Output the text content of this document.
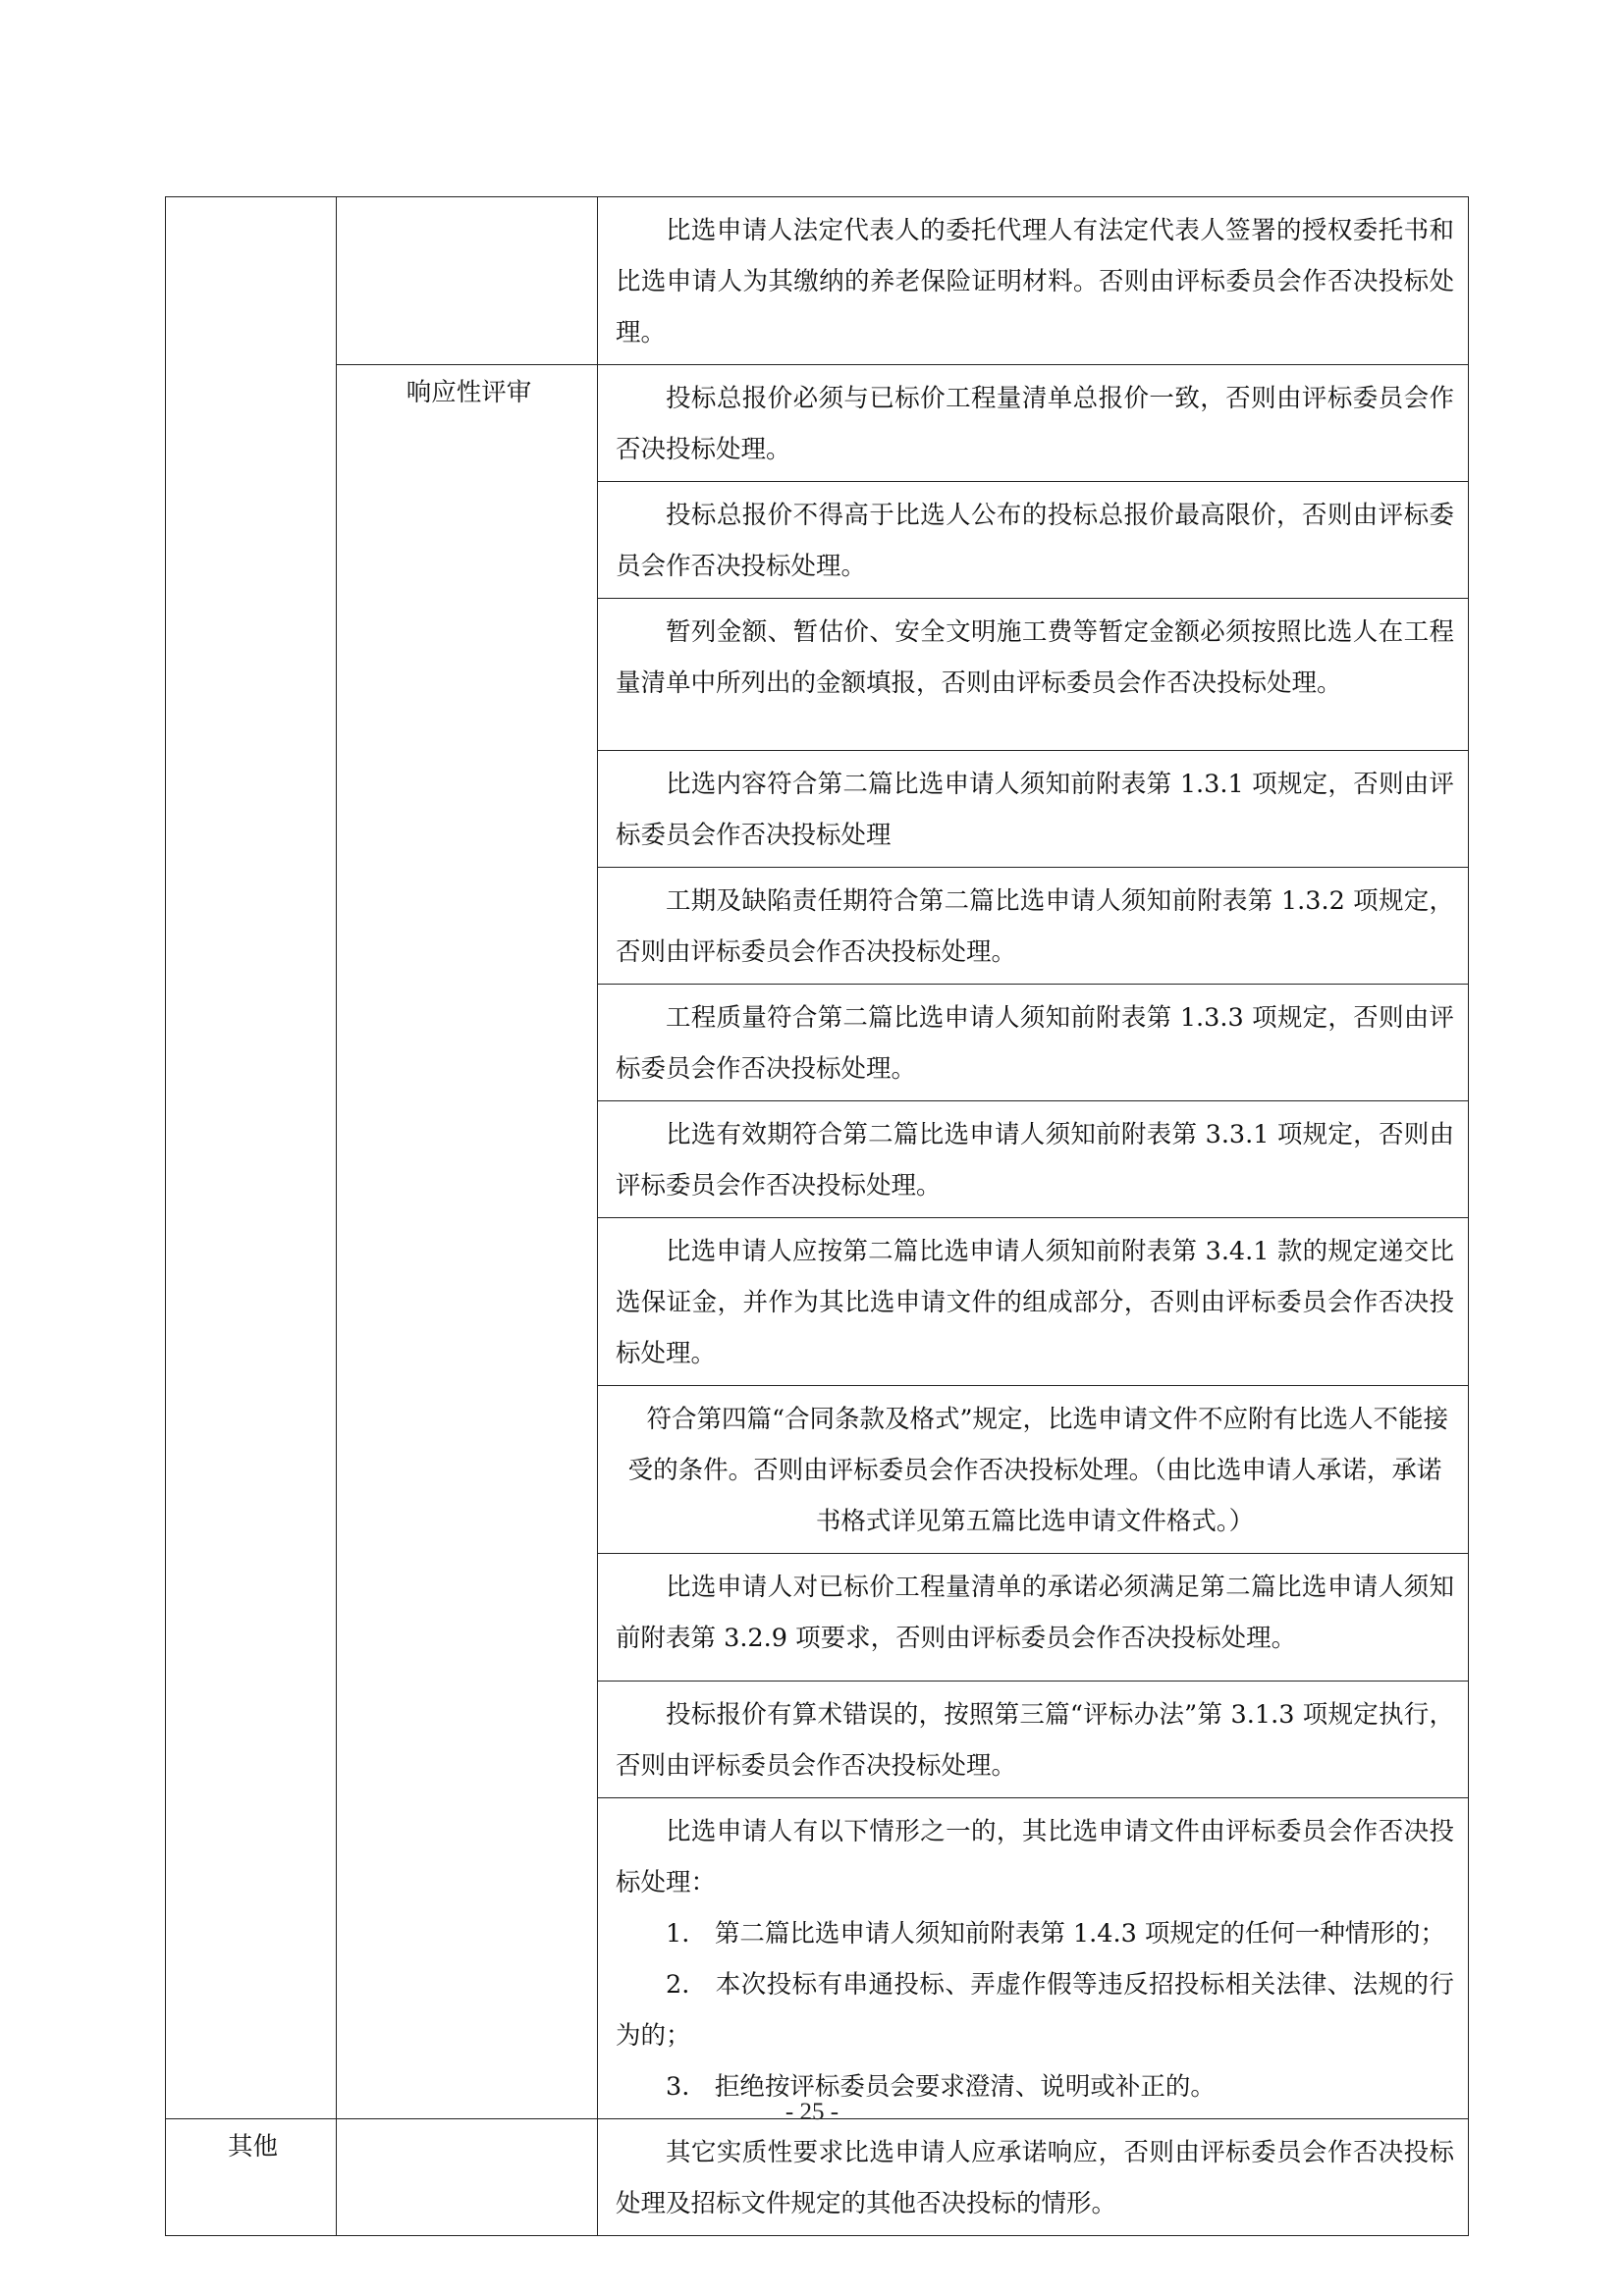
		比选申请人法定代表人的委托代理人有法定代表人签署的授权委托书和比选申请人为其缴纳的养老保险证明材料。否则由评标委员会作否决投标处理。

	响应性评审	投标总报价必须与已标价工程量清单总报价一致，否则由评标委员会作否决投标处理。

		投标总报价不得高于比选人公布的投标总报价最高限价，否则由评标委员会作否决投标处理。

		暂列金额、暂估价、安全文明施工费等暂定金额必须按照比选人在工程量清单中所列出的金额填报，否则由评标委员会作否决投标处理。

		比选内容符合第二篇比选申请人须知前附表第 1.3.1 项规定，否则由评标委员会作否决投标处理

		工期及缺陷责任期符合第二篇比选申请人须知前附表第 1.3.2 项规定，否则由评标委员会作否决投标处理。

		工程质量符合第二篇比选申请人须知前附表第 1.3.3 项规定，否则由评标委员会作否决投标处理。

		比选有效期符合第二篇比选申请人须知前附表第 3.3.1 项规定，否则由评标委员会作否决投标处理。

		比选申请人应按第二篇比选申请人须知前附表第 3.4.1 款的规定递交比选保证金，并作为其比选申请文件的组成部分，否则由评标委员会作否决投标处理。

		符合第四篇“合同条款及格式”规定，比选申请文件不应附有比选人不能接受的条件。否则由评标委员会作否决投标处理。（由比选申请人承诺，承诺书格式详见第五篇比选申请文件格式。）

		比选申请人对已标价工程量清单的承诺必须满足第二篇比选申请人须知前附表第 3.2.9 项要求，否则由评标委员会作否决投标处理。

		投标报价有算术错误的，按照第三篇“评标办法”第 3.1.3 项规定执行，否则由评标委员会作否决投标处理。

		比选申请人有以下情形之一的，其比选申请文件由评标委员会作否决投标处理：

1.　第二篇比选申请人须知前附表第 1.4.3 项规定的任何一种情形的；

2.　本次投标有串通投标、弄虚作假等违反招投标相关法律、法规的行为的；

3.　拒绝按评标委员会要求澄清、说明或补正的。

其他		其它实质性要求比选申请人应承诺响应，否则由评标委员会作否决投标处理及招标文件规定的其他否决投标的情形。

- 25 -
